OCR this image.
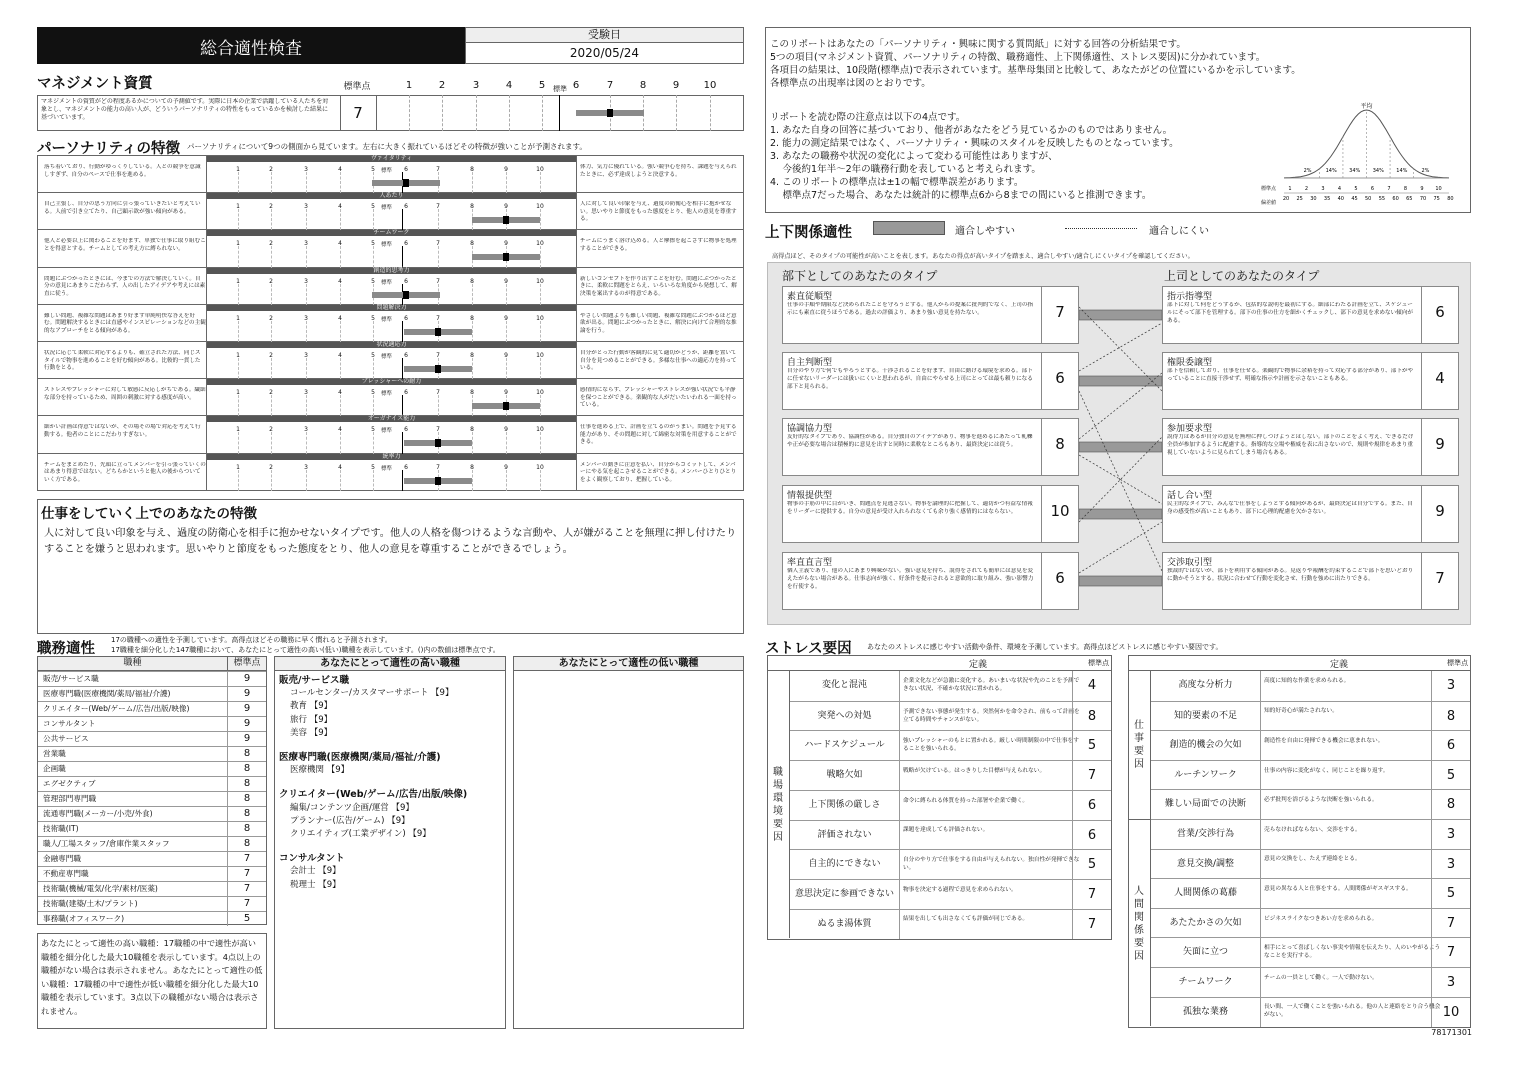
総合適性検査
受験日
2020/05/24
マネジメント資質
マネジメントの資質がどの程度あるかについての予測値です。実際に日本の企業で活躍している人たちを対象とし、マネジメントの能力の高い人が、どういうパーソナリティの特性をもっているかを検討した結果に基づいています。	7
標準点
パーソナリティの特徴 パーソナリティについて9つの側面から見ています。左右に大きく振れているほどその特徴が強いことが予測されます。
落ち着いており、行動がゆっくりしている。人との競争を意識しすぎず、自分のペースで仕事を進める。
ヴァイタリティ
1	2	3	4	5	6	7	8	9	10
標準
体力、気力に優れている。強い競争心を持ち、課題を与えられたときに、必ず達成しようと決意する。
自己主張し、自分の思う方向に引っ張っていきたいと考えている。人前で引き立てたり、自己顕示欲が強い傾向がある。
人あたり
1	2	3	4	5	6	7	8	9	10
標準
人に対して良い印象を与え、過度の防衛心を相手に抱かせない。思いやりと節度をもった態度をとり、他人の意見を尊重する。
他人と必要以上に関わることを好まず、単独で仕事に取り組むことを得意とする。チームとしての考え方に縛られない。
チームワーク
1	2	3	4	5	6	7	8	9	10
標準
チームにうまく溶け込める。人と摩擦を起こさずに物事を処理することができる。
問題にぶつかったときには、今までの方法で解決していく。自分の意見にあまりこだわらず、人の出したアイデアや考えには素直に従う。
創造的思考力
1	2	3	4	5	6	7	8	9	10
標準
新しいコンセプトを作り出すことを好む。問題にぶつかったときに、柔軟に問題をとらえ、いろいろな角度から発想して、解決策を案出するのが得意である。
難しい問題、複雑な問題はあまり好まず単純明快な答えを好む。問題解決するときには直感やインスピレーションなどの主観的なアプローチをとる傾向がある。
問題解決力
1	2	3	4	5	6	7	8	9	10
標準
やさしい問題よりも難しい問題、複雑な問題にぶつかるほど意欲が出る。問題にぶつかったときに、解決に向けて合理的な推論を行う。
状況に応じて柔軟に対応するよりも、確立された方法、同じスタイルで物事を進めることを好む傾向がある。比較的一貫した行動をとる。
状況適応力
1	2	3	4	5	6	7	8	9	10
標準
自分がとった行動が客観的に見て適切かどうか、距離を置いて自分を見つめることができる。多様な仕事への適応力を持っている。
ストレスやプレッシャーに対して敏感に反応しがちである。繊細な部分を持っているため、周囲の刺激に対する感度が高い。
プレッシャーへの耐力
1	2	3	4	5	6	7	8	9	10
標準
感情的にならず、プレッシャーやストレスが強い状況でも平静を保つことができる。楽観的な人がだいたいわれる一面を持っている。
細かい計画は得意ではないが、その場その場で対応を考えて行動する。他者のことにこだわりすぎない。
オーガナイズ能力
1	2	3	4	5	6	7	8	9	10
標準
仕事を進める上で、計画を立てるのがうまい。問題を予見する能力があり、その問題に対して綿密な対策を用意することができる。
チームをまとめたり、先頭に立ってメンバーを引っ張っていくのはあまり得意ではない。どちらかというと他人の後からついていく方である。
統率力
1	2	3	4	5	6	7	8	9	10
標準
メンバーの動きに注意を払い、自分からコミットして、メンバーにやる気を起こさせることができる。メンバーひとりひとりをよく観察しており、把握している。
仕事をしていく上でのあなたの特徴
人に対して良い印象を与え、過度の防衛心を相手に抱かせないタイプです。他人の人格を傷つけるような言動や、人が嫌がることを無理に押し付けたりすることを嫌うと思われます。思いやりと節度をもった態度をとり、他人の意見を尊重することができるでしょう。
職務適性
17の職種への適性を予測しています。高得点ほどその職務に早く慣れると予測されます。
17職種を細分化した147職種において、あなたにとって適性の高い(低い)職種を表示しています。()内の数値は標準点です。
職種	標準点
販売/サービス職	9
医療専門職(医療機関/薬局/福祉/介護)	9
クリエイター(Web/ゲーム/広告/出版/映像)	9
コンサルタント	9
公共サービス	9
営業職	8
企画職	8
エグゼクティブ	8
管理部門専門職	8
流通専門職(メーカー/小売/外食)	8
技術職(IT)	8
職人/工場スタッフ/倉庫作業スタッフ	8
金融専門職	7
不動産専門職	7
技術職(機械/電気/化学/素材/医薬)	7
技術職(建築/土木/プラント)	7
事務職(オフィスワーク)	5
あなたにとって適性の高い職種：17職種の中で適性が高い職種を細分化した最大10職種を表示しています。4点以上の職種がない場合は表示されません。あなたにとって適性の低い職種：17職種の中で適性が低い職種を細分化した最大10職種を表示しています。3点以下の職種がない場合は表示されません。
あなたにとって適性の高い職種
販売/サービス職
コールセンター/カスタマーサポート 【9】
教育 【9】
旅行 【9】
美容 【9】
医療専門職(医療機関/薬局/福祉/介護)
医療機関 【9】
クリエイター(Web/ゲーム/広告/出版/映像)
編集/コンテンツ企画/運営 【9】
プランナー(広告/ゲーム) 【9】
クリエイティブ(工業デザイン) 【9】
コンサルタント
会計士 【9】
税理士 【9】
あなたにとって適性の低い職種
このリポートはあなたの「パーソナリティ・興味に関する質問紙」に対する回答の分析結果です。
5つの項目(マネジメント資質、パーソナリティの特徴、職務適性、上下関係適性、ストレス要因)に分かれています。
各項目の結果は、10段階(標準点)で表示されています。基準母集団と比較して、あなたがどの位置にいるかを示しています。
各標準点の出現率は図のとおりです。
リポートを読む際の注意点は以下の4点です。
1. あなた自身の回答に基づいており、他者があなたをどう見ているかのものではありません。
2. 能力の測定結果ではなく、パーソナリティ・興味のスタイルを反映したものとなっています。
3. あなたの職務や状況の変化によって変わる可能性はありますが、
　 今後約1年半〜2年の職務行動を表していると考えられます。
4. このリポートの標準点は±1の幅で標準誤差があります。
　 標準点7だった場合、あなたは統計的に標準点6から8までの間にいると推測できます。
平均
2%	14% 34% 34% 14%	2%
標準点 1	2	3	4	5	6	7	8	9 10
偏差値
20 25 30 35 40 45 50 55 60 65 70 75 80
上下関係適性	適合しやすい	適合しにくい
高得点ほど、そのタイプの可能性が高いことを表します。あなたの得点が高いタイプを踏まえ、適合しやすい/適合しにくいタイプを確認してください。
部下としてのあなたのタイプ	上司としてのあなたのタイプ
素直従順型
仕事の手順や期限など決められたことを守ろうとする。他人からの提案に批判的でなく、上司の指示にも素直に従うほうである。過去の評価より、あまり強い意見を持たない。	7
自主判断型
自分のやり方で何でもやろうとする。干渉されることを好まず、自由に動ける環境を求める。部下に任せないリーダーには扱いにくいと思われるが、自由にやらせる上司にとっては最も頼りになる部下と見られる。	6
協調協力型
友好的なタイプであり、協調性がある。自分独自のアイデアがあり、物事を進めるにあたって軋轢や正が必要な場合は積極的に意見を出すと同時に柔軟なところもあり、最終決定には従う。	8
情報提供型
物事の手筋の中に目がいき、問題点を見逃さない。物事を論理的に把握して、適切かつ有益な情報をリーダーに提供する。自分の意見が受け入れられなくても余り強く感情的にはならない。	10
率直直言型
個人主義であり、他の人にあまり興味がない。強い意見を持ち、説得をされても簡単には意見を変えたがらない場合がある。仕事志向が強く、好条件を提示されると意欲的に取り組み、強い影響力を行使する。	6
指示指導型
部下に対して何をどうするか、包括的な説明を最初にする。細部にわたる計画を立て、スケジュールにそって部下を管理する。部下の仕事の仕方を細かくチェックし、部下の意見を求めない傾向がある。	6
権限委譲型
部下を信頼しており、仕事を任せる。楽観的で物事に余裕を持って対応する部分があり、部下がやっていることに直接干渉せず、明確な指示や計画を示さないこともある。	4
参加要求型
説得力はあるが自分の意見を無理に押しつけようとはしない。部下のことをよく考え、できるだけ全員が参加するように配慮する。指導的な立場や権威を表に出さないので、規則や規律をあまり重視していないように見られてしまう場合もある。	9
話し合い型
民主的なタイプで、みんなで仕事をしようとする傾向があるが、最終決定は自分でする。また、自身の感受性が高いこともあり、部下に心理的配慮を欠かさない。	9
交渉取引型
独裁的ではないが、部下を利用する傾向がある。見返りや報酬を約束することで部下を思いどおりに動かそうとする。状況に合わせて行動を変化させ、行動を強めに出たりできる。	7
ストレス要因 あなたのストレスに感じやすい活動や条件、環境を予測しています。高得点ほどストレスに感じやすい要因です。
定義	標準点
職場環境要因
変化と混沌	企業文化などが急激に変化する。あいまいな状況や先のことを予測できない状況、不確かな状況に置かれる。	4
突発への対処	予測できない事態が発生する。突然何かを命令され、前もって計画を立てる時間やチャンスがない。	8
ハードスケジュール	強いプレッシャーのもとに置かれる。厳しい時間制限の中で仕事をすることを強いられる。	5
戦略欠如	戦略が欠けている。はっきりした目標が与えられない。	7
上下関係の厳しさ	命令に縛られる体質を持った部署や企業で働く。	6
評価されない	課題を達成しても評価されない。	6
自主的にできない	自分のやり方で仕事をする自由が与えられない。独自性が発揮できない。	5
意思決定に参画できない	物事を決定する過程で意見を求められない。	7
ぬるま湯体質	結果を出しても出さなくても評価が同じである。	7
定義	標準点
仕事要因
人間関係要因
高度な分析力	高度に知的な作業を求められる。	3
知的要素の不足	知的好奇心が満たされない。	8
創造的機会の欠如	創造性を自由に発揮できる機会に恵まれない。	6
ルーチンワーク	仕事の内容に変化がなく、同じことを繰り返す。	5
難しい局面での決断	必ず批判を浴びるような決断を強いられる。	8
営業/交渉行為	売らなければならない、交渉をする。	3
意見交換/調整	意見の交換をし、たえず連絡をとる。	3
人間関係の葛藤	意見の異なる人と仕事をする。人間関係がギスギスする。	5
あたたかさの欠如	ビジネスライクなつきあい方を求められる。	7
矢面に立つ	相手にとって喜ばしくない事実や情報を伝えたり、人のいやがるようなことを実行する。	7
チームワーク	チームの一員として働く。一人で動けない。	3
孤独な業務	長い間、一人で働くことを強いられる。他の人と連絡をとり合う機会がない。	10
78171301
1	2	3	4	5	標準 6	7	8	9	10
